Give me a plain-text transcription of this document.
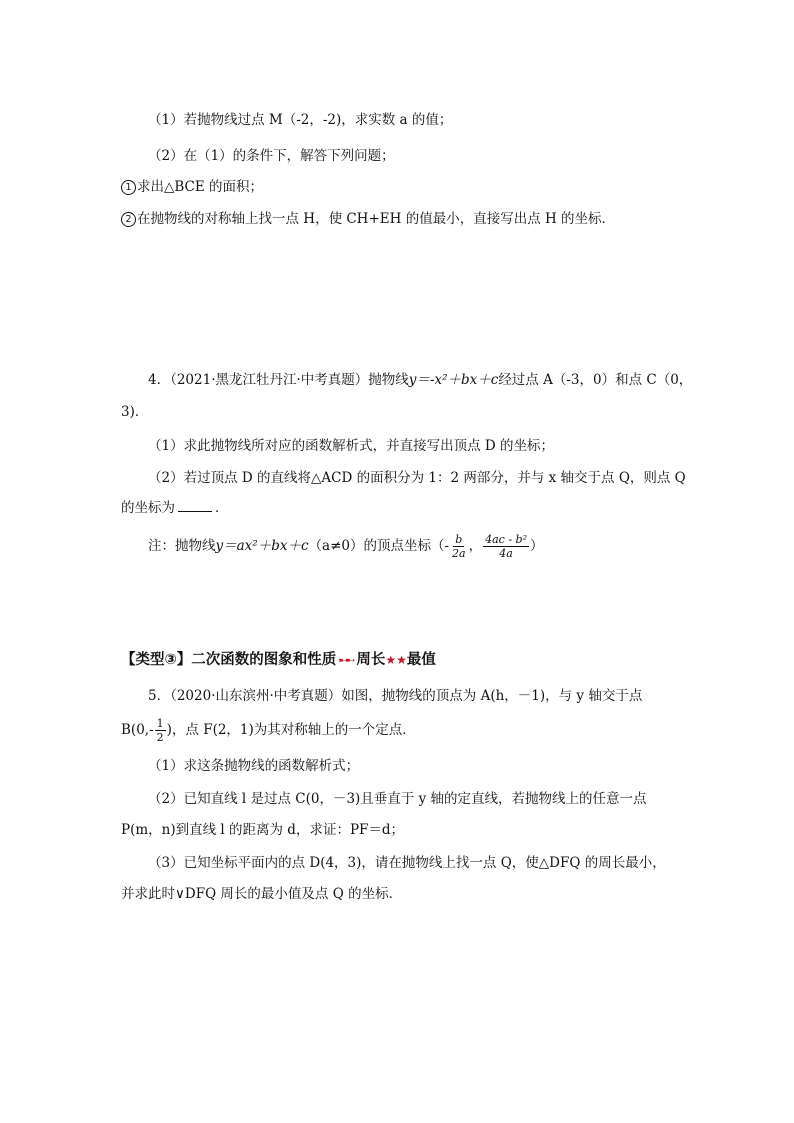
（1）若抛物线过点 M（-2，-2)，求实数 a 的值；
（2）在（1）的条件下，解答下列问题；
1 求出△BCE 的面积；
2 在抛物线的对称轴上找一点 H，使 CH+EH 的值最小，直接写出点 H 的坐标．
4．（2021·黑龙江牡丹江·中考真题）抛物线y＝-x²＋bx＋c经过点 A（-3，0）和点 C（0，
3)．
（1）求此抛物线所对应的函数解析式，并直接写出顶点 D 的坐标；
（2）若过顶点 D 的直线将△ACD 的面积分为 1：2 两部分，并与 x 轴交于点 Q，则点 Q
的坐标为	．
注：抛物线y＝ax²＋bx＋c（a≠0）的顶点坐标（- $\frac{b}{2a}$ ， $\frac{\text{4ac - b²}}{4a}$ ）
【类型③】二次函数的图象和性质 ➸➸ 周长★★最值
5．（2020·山东滨州·中考真题）如图，抛物线的顶点为 A(h，－1)，与 y 轴交于点
$B(0,- \frac{1}{2}$ )，点 F(2，1)为其对称轴上的一个定点．
（1）求这条抛物线的函数解析式；
（2）已知直线 l 是过点 C(0，－3)且垂直于 y 轴的定直线，若抛物线上的任意一点
P(m，n)到直线 l 的距离为 d，求证：PF＝d；
（3）已知坐标平面内的点 D(4，3)，请在抛物线上找一点 Q，使△DFQ 的周长最小，
并求此时∨DFQ 周长的最小值及点 Q 的坐标．
